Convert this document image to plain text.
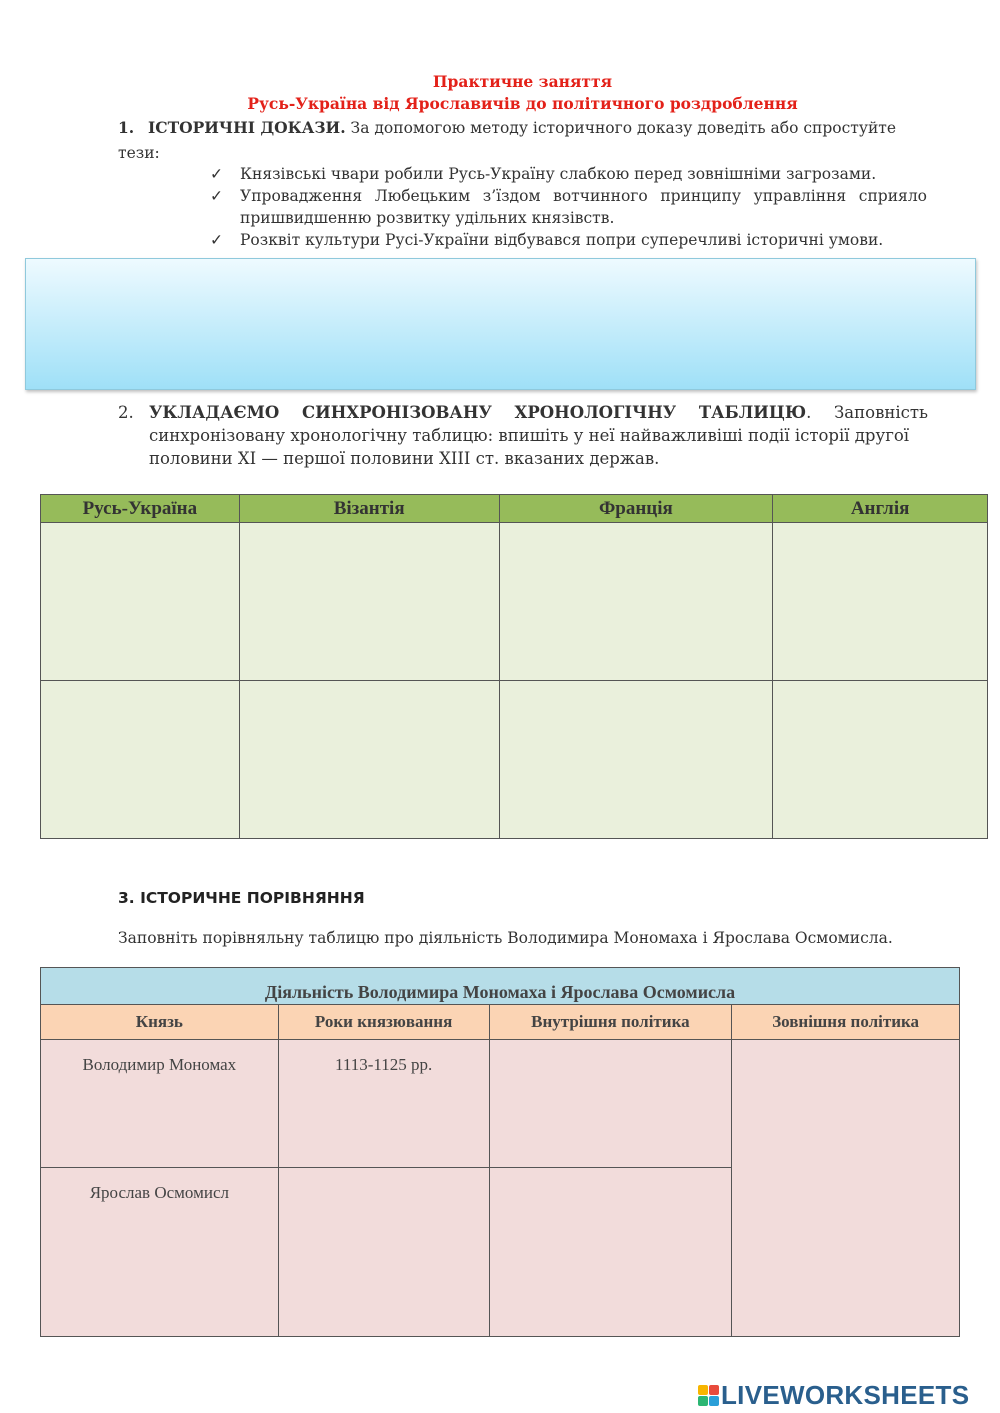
Практичне заняття
Русь-Україна від Ярославичів до політичного роздроблення
1. ІСТОРИЧНІ ДОКАЗИ. За допомогою методу історичного доказу доведіть або спростуйте тези:
✓ Князівські чвари робили Русь-Україну слабкою перед зовнішніми загрозами.
✓ Упровадження Любецьким з’їздом вотчинного принципу управління сприяло пришвидшенню розвитку удільних князівств.
✓ Розквіт культури Русі-України відбувався попри суперечливі історичні умови.
2. УКЛАДАЄМО СИНХРОНІЗОВАНУ ХРОНОЛОГІЧНУ ТАБЛИЦЮ. Заповність
синхронізовану хронологічну таблицю: впишіть у неї найважливіші події історії другої половини XI — першої половини XIII ст. вказаних держав.
Русь-Україна	Візантія	Франція	Англія

3. ІСТОРИЧНЕ ПОРІВНЯННЯ
Заповніть порівняльну таблицю про діяльність Володимира Мономаха і Ярослава Осмомисла.
Діяльність Володимира Мономаха і Ярослава Осмомисла			
Князь	Роки князювання	Внутрішня політика	Зовнішня політика

Володимир Мономах	1113-1125 рр.		

Ярослав Осмомисл			

LIVEWORKSHEETS
